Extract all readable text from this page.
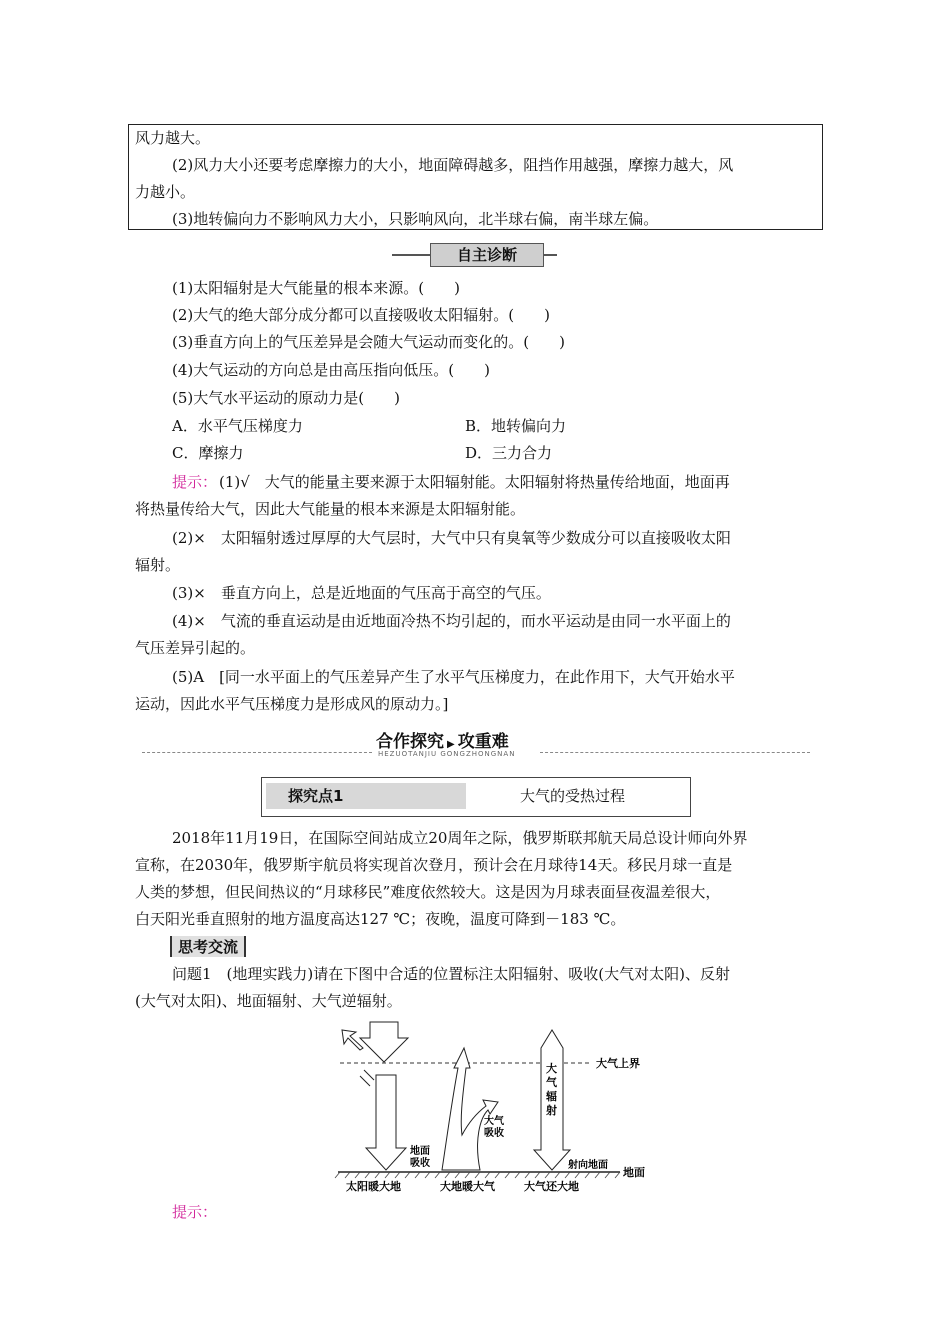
风力越大。
(2)风力大小还要考虑摩擦力的大小，地面障碍越多，阻挡作用越强，摩擦力越大，风
力越小。
(3)地转偏向力不影响风力大小，只影响风向，北半球右偏，南半球左偏。
自主诊断
(1)太阳辐射是大气能量的根本来源。(　　)
(2)大气的绝大部分成分都可以直接吸收太阳辐射。(　　)
(3)垂直方向上的气压差异是会随大气运动而变化的。(　　)
(4)大气运动的方向总是由高压指向低压。(　　)
(5)大气水平运动的原动力是(　　)
A．水平气压梯度力	B．地转偏向力
C．摩擦力	D．三力合力
提示： (1)√　大气的能量主要来源于太阳辐射能。太阳辐射将热量传给地面，地面再
将热量传给大气，因此大气能量的根本来源是太阳辐射能。
(2)×　太阳辐射透过厚厚的大气层时，大气中只有臭氧等少数成分可以直接吸收太阳
辐射。
(3)×　垂直方向上，总是近地面的气压高于高空的气压。
(4)×　气流的垂直运动是由近地面冷热不均引起的，而水平运动是由同一水平面上的
气压差异引起的。
(5)A　[同一水平面上的气压差异产生了水平气压梯度力，在此作用下，大气开始水平
运动，因此水平气压梯度力是形成风的原动力。]
合作探究 ▶ 攻重难
HEZUOTANJIU GONGZHONGNAN
探究点1	大气的受热过程
2018年11月19日，在国际空间站成立20周年之际，俄罗斯联邦航天局总设计师向外界
宣称，在2030年，俄罗斯宇航员将实现首次登月，预计会在月球待14天。移民月球一直是
人类的梦想，但民间热议的“月球移民”难度依然较大。这是因为月球表面昼夜温差很大，
白天阳光垂直照射的地方温度高达127 ℃；夜晚，温度可降到－183 ℃。
思考交流
问题1　(地理实践力)请在下图中合适的位置标注太阳辐射、吸收(大气对太阳)、反射
(大气对太阳)、地面辐射、大气逆辐射。
大气上界
地面
地面
吸收
大气
吸收
大
气
辐
射
射向地面
太阳暖大地	大地暖大气	大气还大地
提示：
